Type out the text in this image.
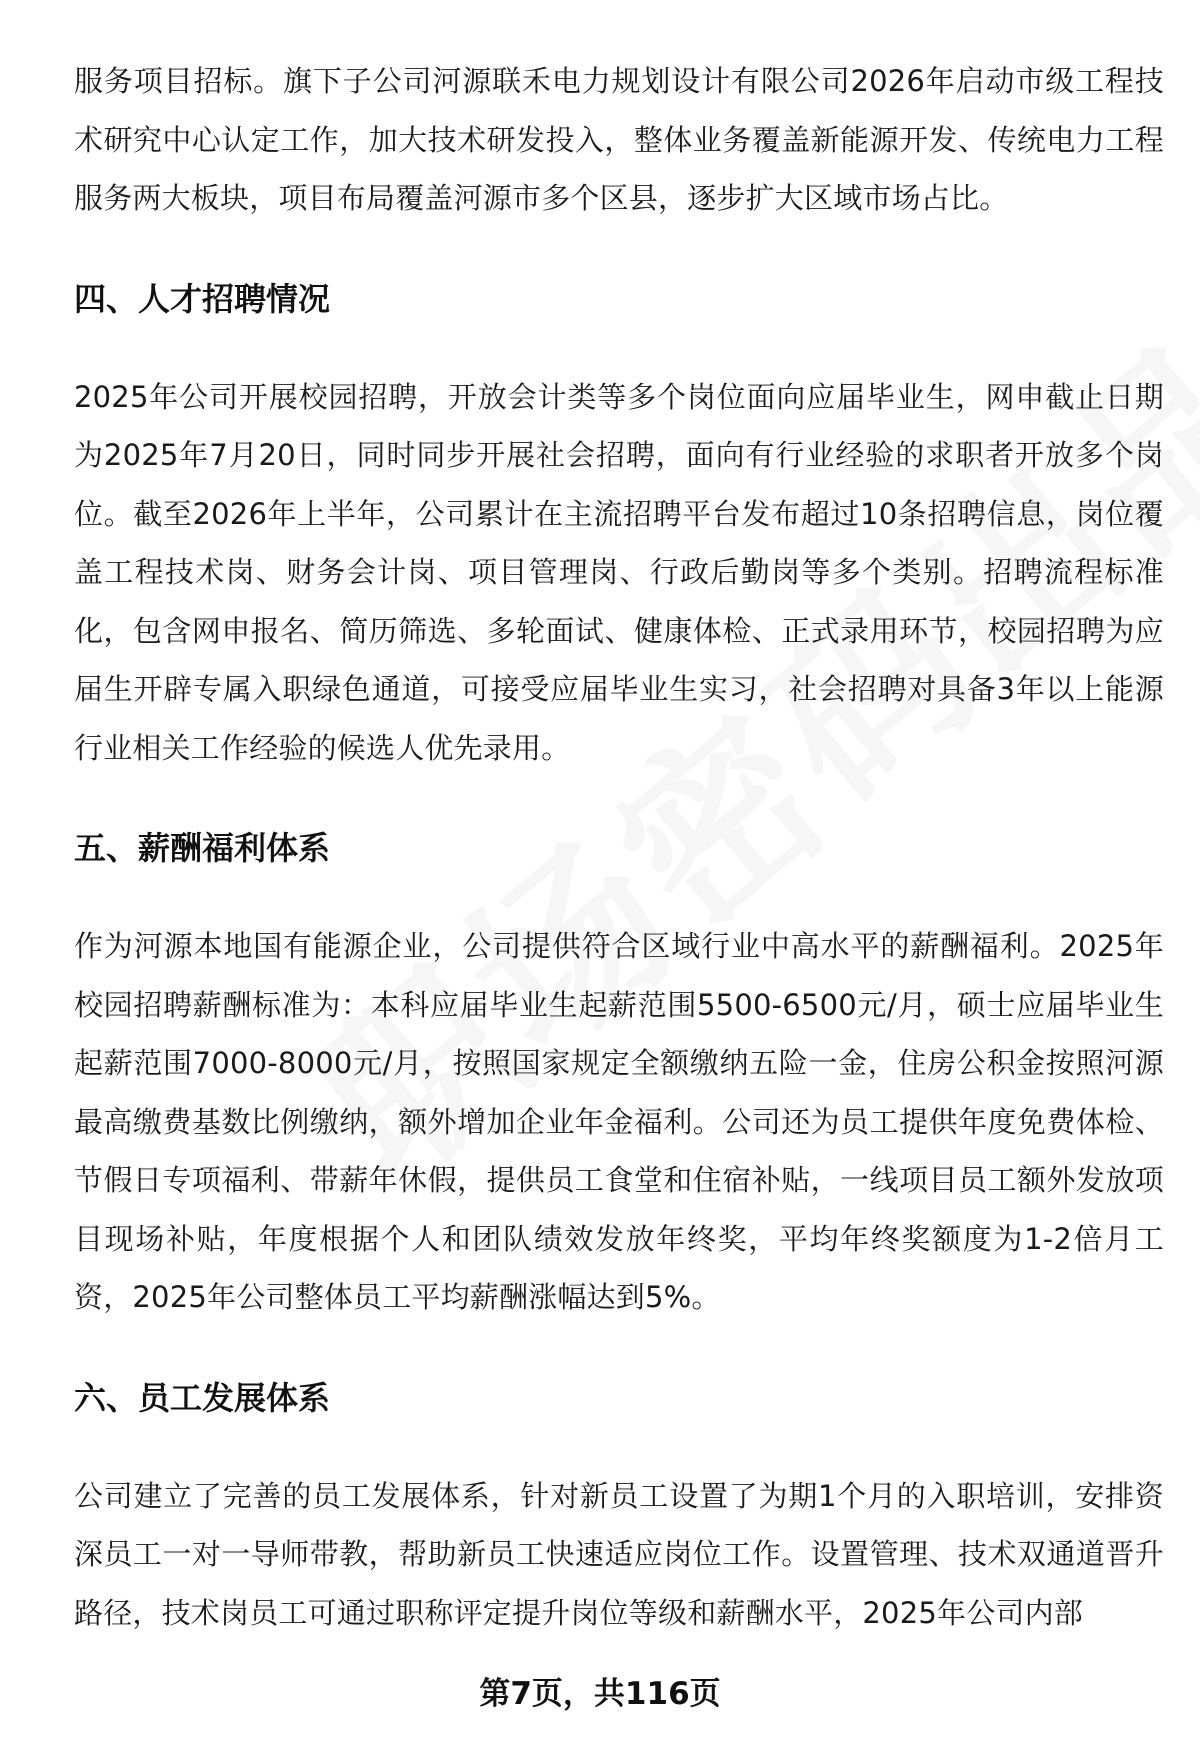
服务项目招标。旗下子公司河源联禾电力规划设计有限公司2026年启动市级工程技术研究中心认定工作，加大技术研发投入，整体业务覆盖新能源开发、传统电力工程服务两大板块，项目布局覆盖河源市多个区县，逐步扩大区域市场占比。

四、人才招聘情况

2025年公司开展校园招聘，开放会计类等多个岗位面向应届毕业生，网申截止日期为2025年7月20日，同时同步开展社会招聘，面向有行业经验的求职者开放多个岗位。截至2026年上半年，公司累计在主流招聘平台发布超过10条招聘信息，岗位覆盖工程技术岗、财务会计岗、项目管理岗、行政后勤岗等多个类别。招聘流程标准化，包含网申报名、简历筛选、多轮面试、健康体检、正式录用环节，校园招聘为应届生开辟专属入职绿色通道，可接受应届毕业生实习，社会招聘对具备3年以上能源行业相关工作经验的候选人优先录用。

五、薪酬福利体系

作为河源本地国有能源企业，公司提供符合区域行业中高水平的薪酬福利。2025年校园招聘薪酬标准为：本科应届毕业生起薪范围5500-6500元/月，硕士应届毕业生起薪范围7000-8000元/月，按照国家规定全额缴纳五险一金，住房公积金按照河源最高缴费基数比例缴纳，额外增加企业年金福利。公司还为员工提供年度免费体检、节假日专项福利、带薪年休假，提供员工食堂和住宿补贴，一线项目员工额外发放项目现场补贴，年度根据个人和团队绩效发放年终奖，平均年终奖额度为1-2倍月工资，2025年公司整体员工平均薪酬涨幅达到5%。

六、员工发展体系

公司建立了完善的员工发展体系，针对新员工设置了为期1个月的入职培训，安排资深员工一对一导师带教，帮助新员工快速适应岗位工作。设置管理、技术双通道晋升路径，技术岗员工可通过职称评定提升岗位等级和薪酬水平，2025年公司内部

第7页，共116页
